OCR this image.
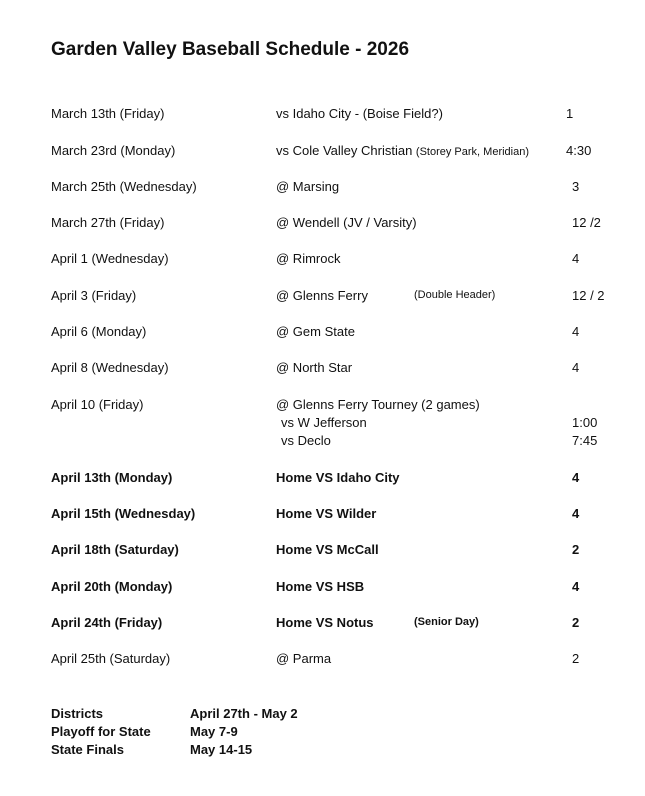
Garden Valley Baseball Schedule - 2026
March 13th (Friday)	vs Idaho City - (Boise Field?)	1
March 23rd (Monday)	vs Cole Valley Christian (Storey Park, Meridian)	4:30
March 25th (Wednesday)	@ Marsing	3
March 27th (Friday)	@ Wendell (JV / Varsity)	12 /2
April 1 (Wednesday)	@ Rimrock	4
April 3 (Friday)	@ Glenns Ferry	(Double Header)	12 / 2
April 6 (Monday)	@ Gem State	4
April 8 (Wednesday)	@ North Star	4
April 10 (Friday)	@ Glenns Ferry Tourney (2 games)
vs W Jefferson	1:00
vs Declo	7:45
April 13th (Monday)	Home VS Idaho City	4
April 15th (Wednesday)	Home VS Wilder	4
April 18th (Saturday)	Home VS McCall	2
April 20th (Monday)	Home VS HSB	4
April 24th (Friday)	Home VS Notus	(Senior Day)	2
April 25th (Saturday)	@ Parma	2
Districts	April 27th - May 2
Playoff for State	May 7-9
State Finals	May 14-15
